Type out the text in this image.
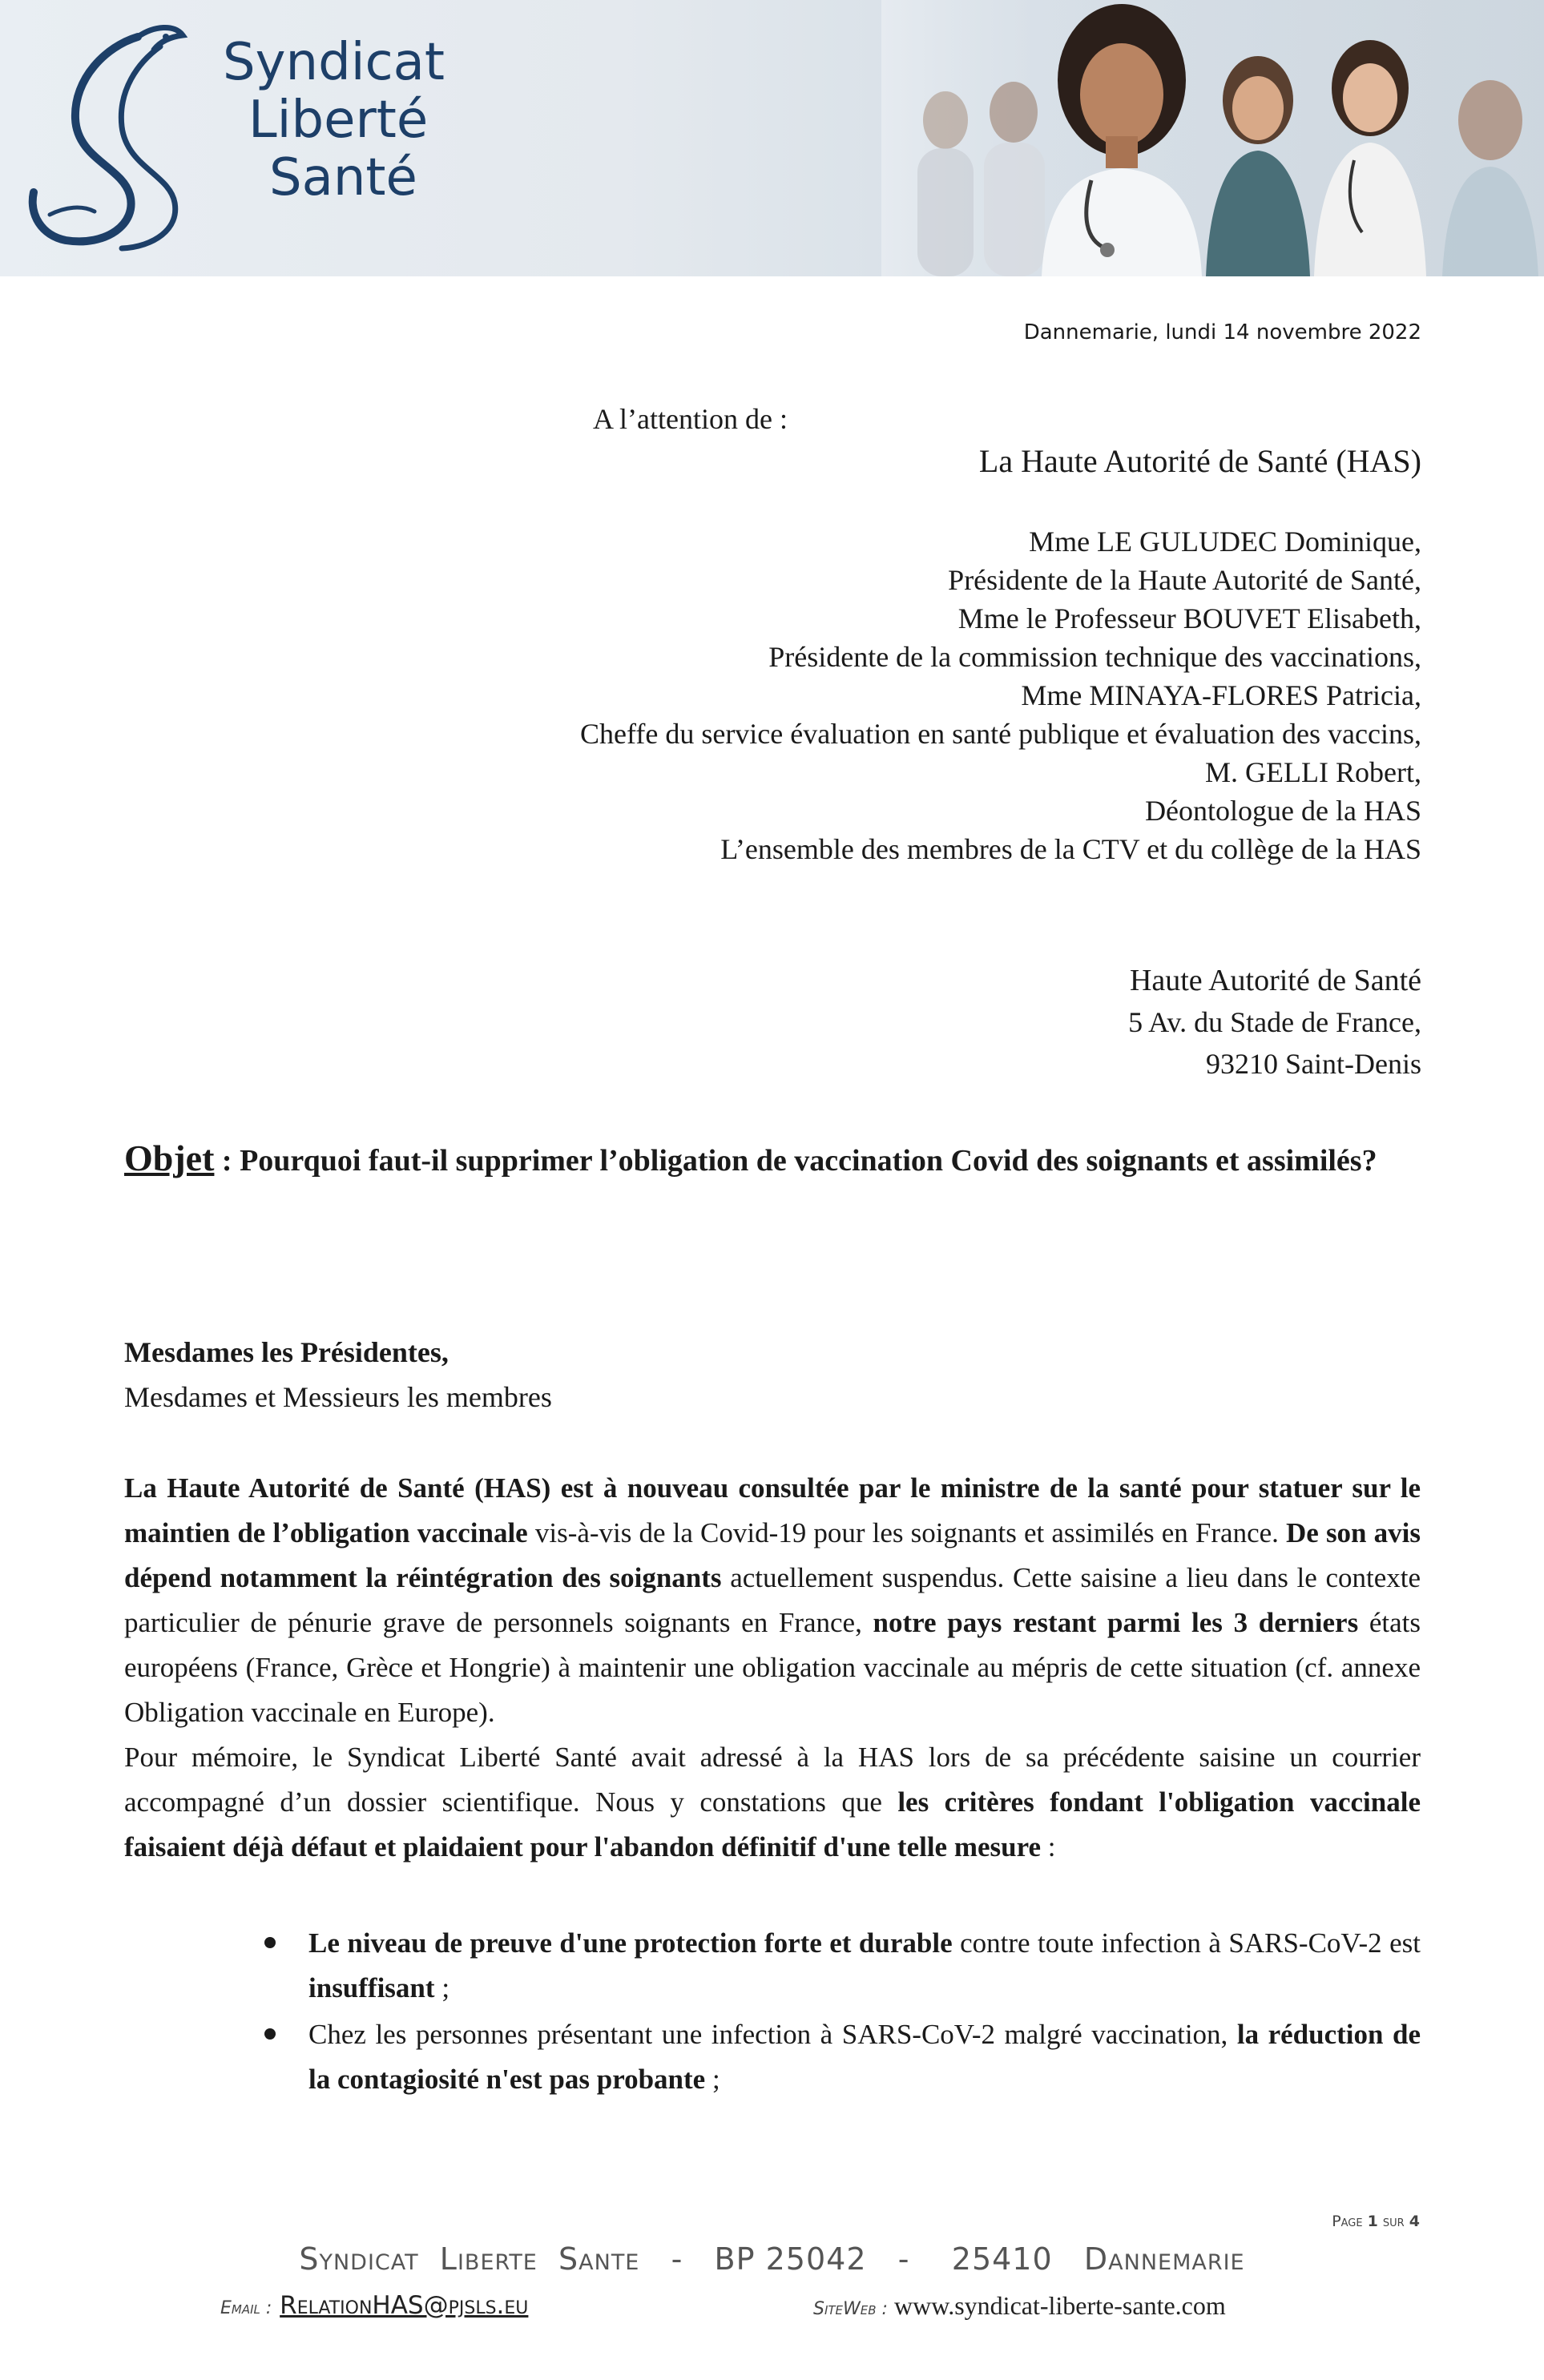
Syndicat
Liberté
Santé
Dannemarie, lundi 14 novembre 2022
A l’attention de :
La Haute Autorité de Santé (HAS)
Mme LE GULUDEC Dominique,
Présidente de la Haute Autorité de Santé,
Mme le Professeur BOUVET Elisabeth,
Présidente de la commission technique des vaccinations,
Mme MINAYA-FLORES Patricia,
Cheffe du service évaluation en santé publique et évaluation des vaccins,
M. GELLI Robert,
Déontologue de la HAS
L’ensemble des membres de la CTV et du collège de la HAS
Haute Autorité de Santé
5 Av. du Stade de France,
93210 Saint-Denis
Objet : Pourquoi faut-il supprimer l’obligation de vaccination Covid des soignants et assimilés?
Mesdames les Présidentes,
Mesdames et Messieurs les membres

La Haute Autorité de Santé (HAS) est à nouveau consultée par le ministre de la santé pour statuer sur le maintien de l’obligation vaccinale vis-à-vis de la Covid-19 pour les soignants et assimilés en France. De son avis dépend notamment la réintégration des soignants actuellement suspendus. Cette saisine a lieu dans le contexte particulier de pénurie grave de personnels soignants en France, notre pays restant parmi les 3 derniers états européens (France, Grèce et Hongrie) à maintenir une obligation vaccinale au mépris de cette situation (cf. annexe Obligation vaccinale en Europe).

Pour mémoire, le Syndicat Liberté Santé avait adressé à la HAS lors de sa précédente saisine un courrier accompagné d’un dossier scientifique. Nous y constations que les critères fondant l'obligation vaccinale faisaient déjà défaut et plaidaient pour l'abandon définitif d'une telle mesure :

Le niveau de preuve d'une protection forte et durable contre toute infection à SARS-CoV-2 est insuffisant ;
Chez les personnes présentant une infection à SARS-CoV-2 malgré vaccination, la réduction de la contagiosité n'est pas probante ;
Page 1 sur 4
Syndicat  Liberte  Sante   -   BP 25042   -    25410   Dannemarie
Email : RelationHAS@pjsls.eu	SiteWeb : www.syndicat-liberte-sante.com
